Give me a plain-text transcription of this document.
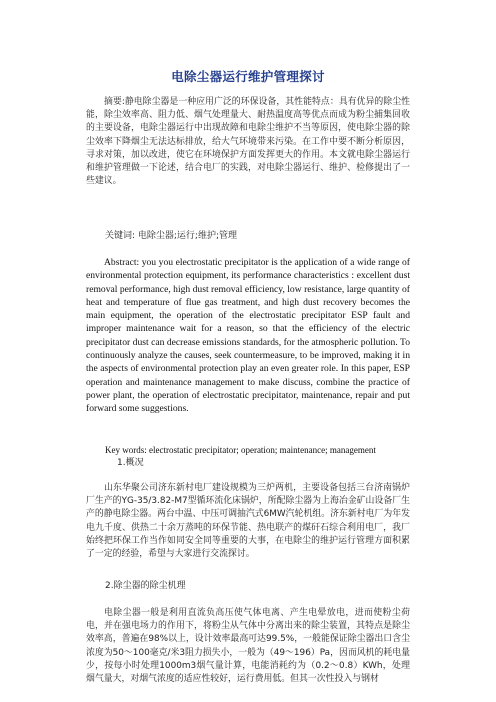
电除尘器运行维护管理探讨

摘要:静电除尘器是一种应用广泛的环保设备，其性能特点：具有优异的除尘性能，除尘效率高、阻力低、烟气处理量大、耐热温度高等优点而成为粉尘捕集回收的主要设备，电除尘器运行中出现故障和电除尘维护不当等原因，使电除尘器的除尘效率下降烟尘无法达标排放，给大气环境带来污染。在工作中要不断分析原因，寻求对策，加以改进，使它在环境保护方面发挥更大的作用。本文就电除尘器运行和维护管理做一下论述，结合电厂的实践，对电除尘器运行、维护、检修提出了一些建议。

关键词: 电除尘器;运行;维护;管理

Abstract: you you electrostatic precipitator is the application of a wide range of environmental protection equipment, its performance characteristics : excellent dust removal performance, high dust removal efficiency, low resistance, large quantity of heat and temperature of flue gas treatment, and high dust recovery becomes the main equipment, the operation of the electrostatic precipitator ESP fault and improper maintenance wait for a reason, so that the efficiency of the electric precipitator dust can decrease emissions standards, for the atmospheric pollution. To continuously analyze the causes, seek countermeasure, to be improved, making it in the aspects of environmental protection play an even greater role. In this paper, ESP operation and maintenance management to make discuss, combine the practice of power plant, the operation of electrostatic precipitator, maintenance, repair and put forward some suggestions.

Key words: electrostatic precipitator; operation; maintenance; management
1.概况

山东华聚公司济东新村电厂建设规模为三炉两机，主要设备包括三台济南锅炉厂生产的YG-35/3.82-M7型循环流化床锅炉，所配除尘器为上海冶金矿山设备厂生产的静电除尘器。两台中温、中压可调抽汽式6MW汽轮机组。济东新村电厂为年发电九千度、供热二十余万蒸吨的环保节能、热电联产的煤矸石综合利用电厂，我厂始终把环保工作当作如同安全同等重要的大事，在电除尘的维护运行管理方面积累了一定的经验，希望与大家进行交流探讨。

2.除尘器的除尘机理

电除尘器一般是利用直流负高压使气体电离、产生电晕放电，进而使粉尘荷电，并在强电场力的作用下，将粉尘从气体中分离出来的除尘装置，其特点是除尘效率高，普遍在98%以上，设计效率最高可达99.5%，一般能保证除尘器出口含尘浓度为50～100毫克/米3阻力损失小，一般为（49～196）Pa，因而风机的耗电量少，按每小时处理1000m3烟气量计算，电能消耗约为（0.2～0.8）KWh，处理烟气量大，对烟气浓度的适应性较好，运行费用低。但其一次性投入与钢材
